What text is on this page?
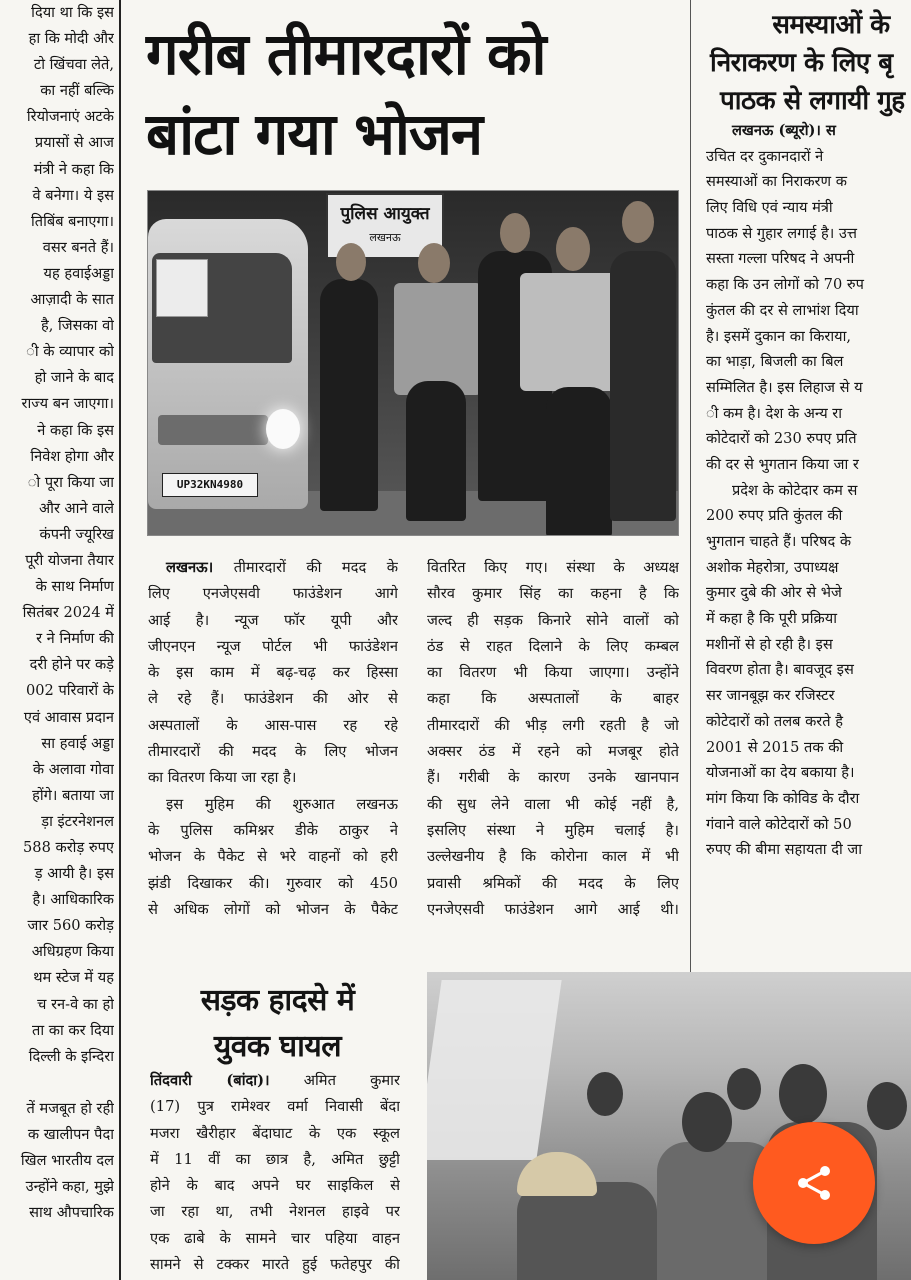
दिया था कि इस
हा कि मोदी और
टो खिंचवा लेते,
का नहीं बल्कि
रियोजनाएं अटके
प्रयासों से आज
मंत्री ने कहा कि
वे बनेगा। ये इस
तिबिंब बनाएगा।
वसर बनते हैं।
यह हवाईअड्डा
आज़ादी के सात
है, जिसका वो
ी के व्यापार को
हो जाने के बाद
राज्य बन जाएगा।
ने कहा कि इस
निवेश होगा और
ो पूरा किया जा
और आने वाले
कंपनी ज्यूरिख
पूरी योजना तैयार
के साथ निर्माण
सितंबर 2024 में
र ने निर्माण की
दरी होने पर कड़े
002 परिवारों के
एवं आवास प्रदान
सा हवाई अड्डा
के अलावा गोवा
होंगे। बताया जा
ड़ा इंटरनेशनल
588 करोड़ रुपए
ड़ आयी है। इस
है। आधिकारिक
जार 560 करोड़
अधिग्रहण किया
थम स्टेज में यह
च रन-वे का हो
ता का कर दिया
दिल्ली के इन्दिरा
तें मजबूत हो रही
क खालीपन पैदा
खिल भारतीय दल
उन्होंने कहा, मुझे
साथ औपचारिक
गरीब तीमारदारों को
बांटा गया भोजन
पुलिस आयुक्त
लखनऊ
UP32KN4980
लखनऊ। तीमारदारों की मदद के
लिए एनजेएसवी फाउंडेशन आगे
आई है। न्यूज फॉर यूपी और
जीएनएन न्यूज पोर्टल भी फाउंडेशन
के इस काम में बढ़-चढ़ कर हिस्सा
ले रहे हैं। फाउंडेशन की ओर से
अस्पतालों के आस-पास रह रहे
तीमारदारों की मदद के लिए भोजन
का वितरण किया जा रहा है।
इस मुहिम की शुरुआत लखनऊ
के पुलिस कमिश्नर डीके ठाकुर ने
भोजन के पैकेट से भरे वाहनों को हरी
झंडी दिखाकर की। गुरुवार को 450
से अधिक लोगों को भोजन के पैकेट
वितरित किए गए। संस्था के अध्यक्ष
सौरव कुमार सिंह का कहना है कि
जल्द ही सड़क किनारे सोने वालों को
ठंड से राहत दिलाने के लिए कम्बल
का वितरण भी किया जाएगा। उन्होंने
कहा कि अस्पतालों के बाहर
तीमारदारों की भीड़ लगी रहती है जो
अक्सर ठंड में रहने को मजबूर होते
हैं। गरीबी के कारण उनके खानपान
की सुध लेने वाला भी कोई नहीं है,
इसलिए संस्था ने मुहिम चलाई है।
उल्लेखनीय है कि कोरोना काल में भी
प्रवासी श्रमिकों की मदद के लिए
एनजेएसवी फाउंडेशन आगे आई थी।
समस्याओं के
निराकरण के लिए बृ
पाठक से लगायी गुह
लखनऊ (ब्यूरो)। स
उचित दर दुकानदारों ने
समस्याओं का निराकरण क
लिए विधि एवं न्याय मंत्री
पाठक से गुहार लगाई है। उत्त
सस्ता गल्ला परिषद ने अपनी
कहा कि उन लोगों को 70 रुप
कुंतल की दर से लाभांश दिया
है। इसमें दुकान का किराया,
का भाड़ा, बिजली का बिल
सम्मिलित है। इस लिहाज से य
ी कम है। देश के अन्य रा
कोटेदारों को 230 रुपए प्रति
की दर से भुगतान किया जा र
प्रदेश के कोटेदार कम स
200 रुपए प्रति कुंतल की
भुगतान चाहते हैं। परिषद के
अशोक मेहरोत्रा, उपाध्यक्ष
कुमार दुबे की ओर से भेजे
में कहा है कि पूरी प्रक्रिया
मशीनों से हो रही है। इस
विवरण होता है। बावजूद इस
सर जानबूझ कर रजिस्टर
कोटेदारों को तलब करते है
2001 से 2015 तक की
योजनाओं का देय बकाया है।
मांग किया कि कोविड के दौरा
गंवाने वाले कोटेदारों को 50
रुपए की बीमा सहायता दी जा
सड़क हादसे में
युवक घायल
तिंदवारी (बांदा)। अमित कुमार
(17) पुत्र रामेश्वर वर्मा निवासी बेंदा
मजरा खैरीहार बेंदाघाट के एक स्कूल
में 11 वीं का छात्र है, अमित छुट्टी
होने के बाद अपने घर साइकिल से
जा रहा था, तभी नेशनल हाइवे पर
एक ढाबे के सामने चार पहिया वाहन
सामने से टक्कर मारते हुई फतेहपुर की
